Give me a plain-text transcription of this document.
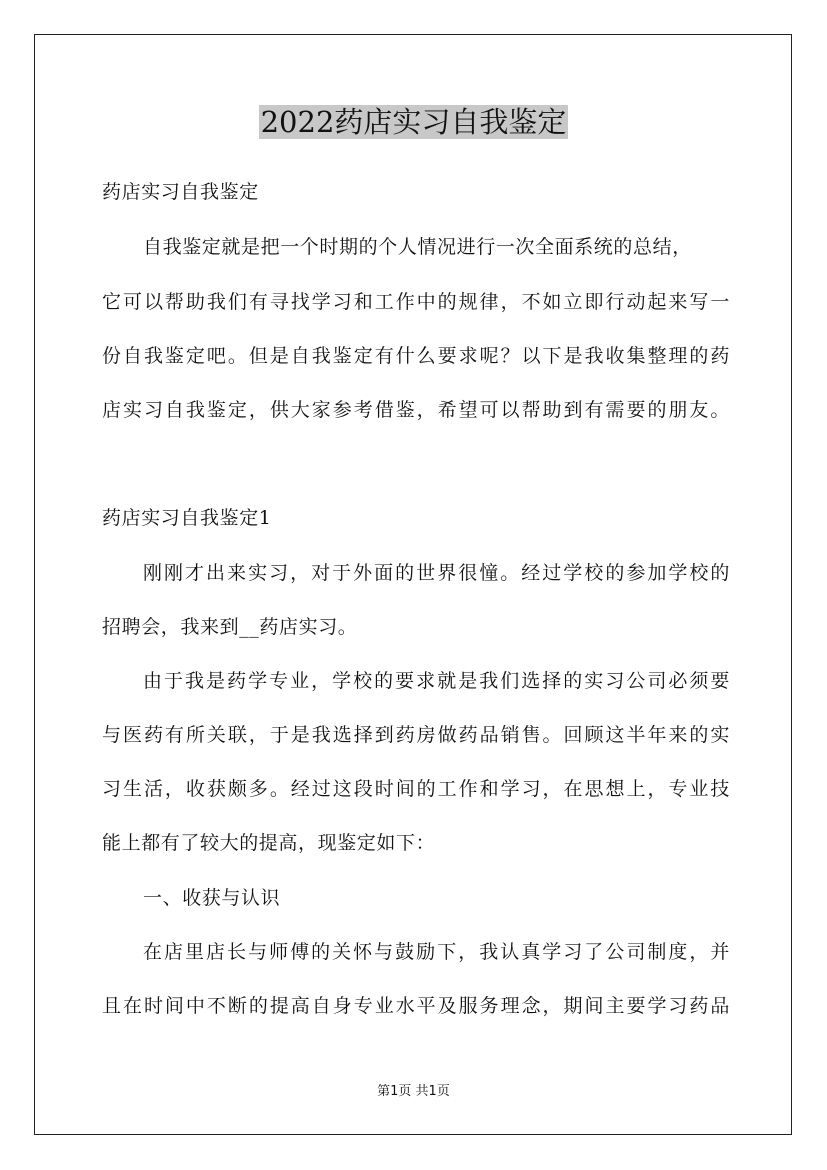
2022药店实习自我鉴定
药店实习自我鉴定
自我鉴定就是把一个时期的个人情况进行一次全面系统的总结，
它可以帮助我们有寻找学习和工作中的规律，不如立即行动起来写一
份自我鉴定吧。但是自我鉴定有什么要求呢？以下是我收集整理的药
店实习自我鉴定，供大家参考借鉴，希望可以帮助到有需要的朋友。
药店实习自我鉴定1
刚刚才出来实习，对于外面的世界很憧。经过学校的参加学校的
招聘会，我来到__药店实习。
由于我是药学专业，学校的要求就是我们选择的实习公司必须要
与医药有所关联，于是我选择到药房做药品销售。回顾这半年来的实
习生活，收获颇多。经过这段时间的工作和学习，在思想上，专业技
能上都有了较大的提高，现鉴定如下：
一、收获与认识
在店里店长与师傅的关怀与鼓励下，我认真学习了公司制度，并
且在时间中不断的提高自身专业水平及服务理念，期间主要学习药品
第1页 共1页
